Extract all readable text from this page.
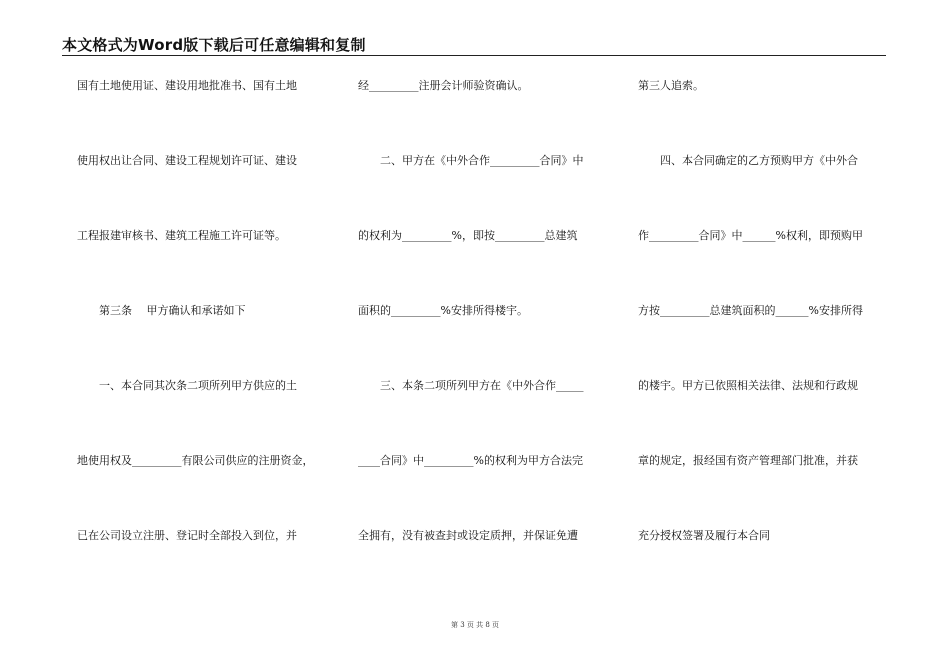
本文格式为Word版下载后可任意编辑和复制
国有土地使用证、建设用地批准书、国有土地
使用权出让合同、建设工程规划许可证、建设
工程报建审核书、建筑工程施工许可证等。
　　第三条　 甲方确认和承诺如下
　　一、本合同其次条二项所列甲方供应的土
地使用权及_________有限公司供应的注册资金，
已在公司设立注册、登记时全部投入到位，并
经_________注册会计师验资确认。
　　二、甲方在《中外合作_________合同》中
的权利为_________%，即按_________总建筑
面积的_________%安排所得楼宇。
　　三、本条二项所列甲方在《中外合作_____
____合同》中_________%的权利为甲方合法完
全拥有，没有被查封或设定质押，并保证免遭
第三人追索。
　　四、本合同确定的乙方预购甲方《中外合
作_________合同》中______%权利，即预购甲
方按_________总建筑面积的______%安排所得
的楼宇。甲方已依照相关法律、法规和行政规
章的规定，报经国有资产管理部门批准，并获
充分授权签署及履行本合同
第 3 页 共 8 页
